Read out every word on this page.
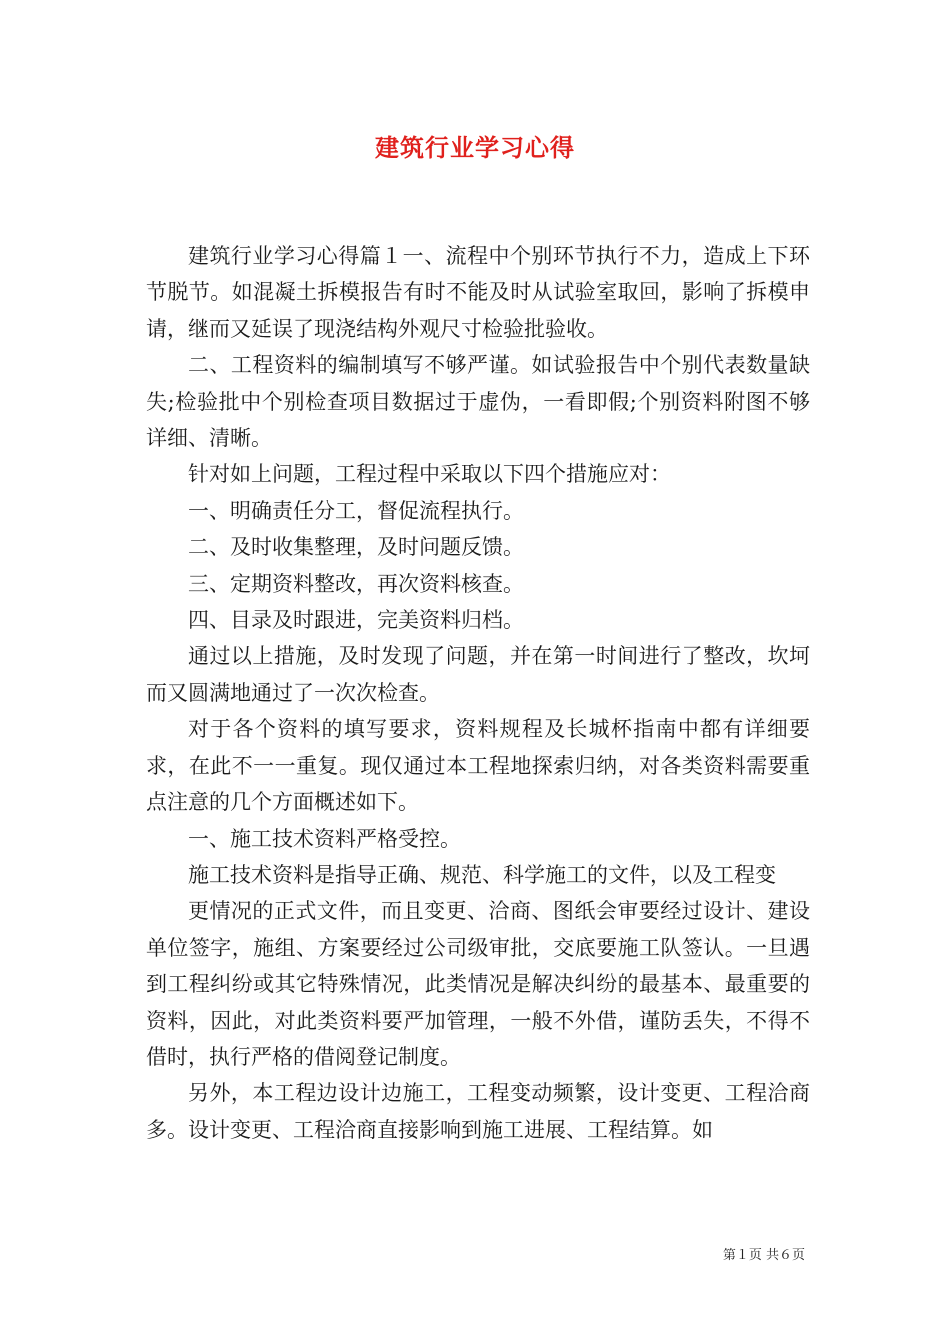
建筑行业学习心得

建筑行业学习心得篇１一、流程中个别环节执行不力，造成上下环节脱节。如混凝土拆模报告有时不能及时从试验室取回，影响了拆模申请，继而又延误了现浇结构外观尺寸检验批验收。

二、工程资料的编制填写不够严谨。如试验报告中个别代表数量缺失;检验批中个别检查项目数据过于虚伪，一看即假;个别资料附图不够详细、清晰。

针对如上问题，工程过程中采取以下四个措施应对：

一、明确责任分工，督促流程执行。

二、及时收集整理，及时问题反馈。

三、定期资料整改，再次资料核查。

四、目录及时跟进，完美资料归档。

通过以上措施，及时发现了问题，并在第一时间进行了整改，坎坷而又圆满地通过了一次次检查。

对于各个资料的填写要求，资料规程及长城杯指南中都有详细要求，在此不一一重复。现仅通过本工程地探索归纳，对各类资料需要重点注意的几个方面概述如下。

一、施工技术资料严格受控。

施工技术资料是指导正确、规范、科学施工的文件，以及工程变

更情况的正式文件，而且变更、洽商、图纸会审要经过设计、建设单位签字，施组、方案要经过公司级审批，交底要施工队签认。一旦遇到工程纠纷或其它特殊情况，此类情况是解决纠纷的最基本、最重要的资料，因此，对此类资料要严加管理，一般不外借，谨防丢失，不得不借时，执行严格的借阅登记制度。

另外，本工程边设计边施工，工程变动频繁，设计变更、工程洽商多。设计变更、工程洽商直接影响到施工进展、工程结算。如

第１页 共６页
